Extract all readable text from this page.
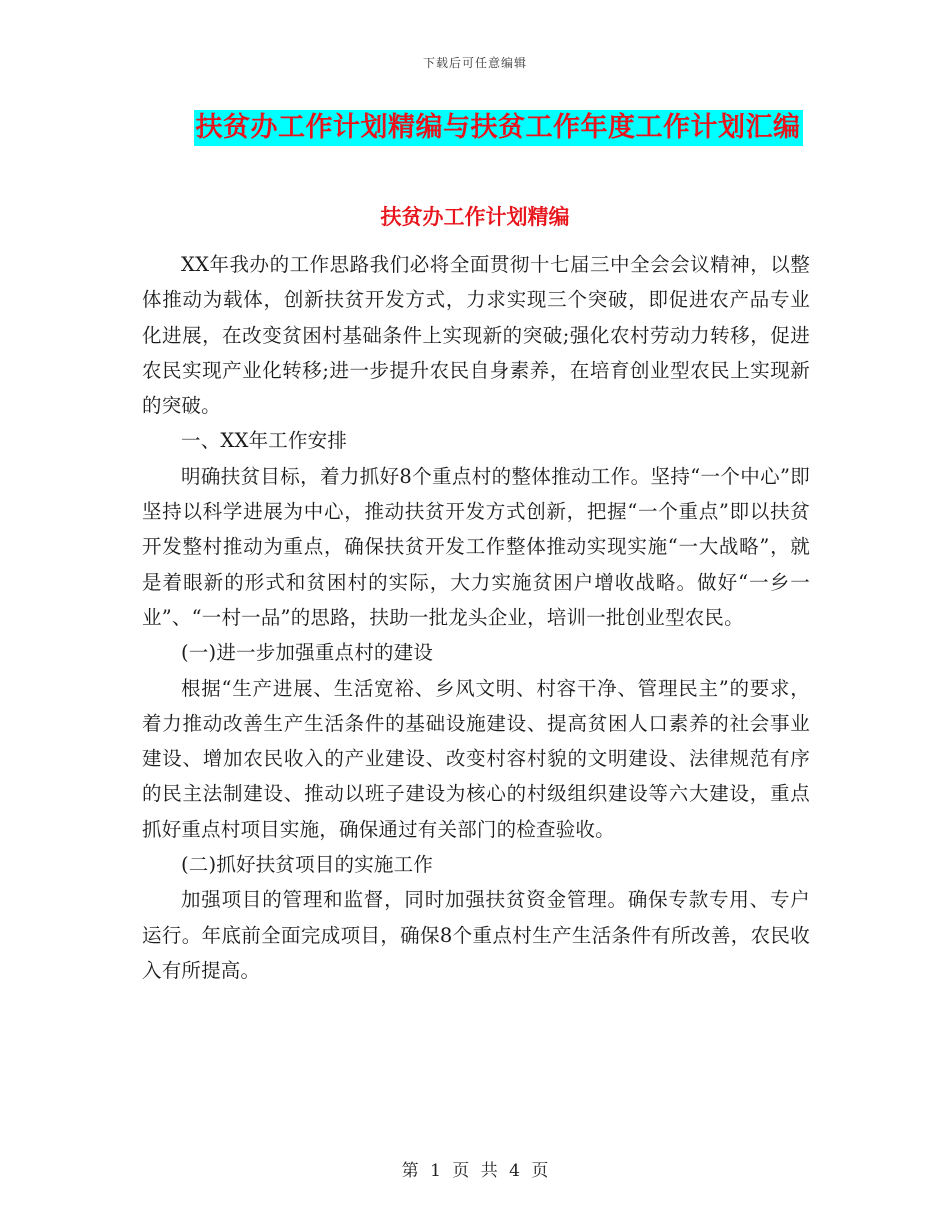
下载后可任意编辑
扶贫办工作计划精编与扶贫工作年度工作计划汇编
扶贫办工作计划精编

XX年我办的工作思路我们必将全面贯彻十七届三中全会会议精神，以整体推动为载体，创新扶贫开发方式，力求实现三个突破，即促进农产品专业化进展，在改变贫困村基础条件上实现新的突破;强化农村劳动力转移，促进农民实现产业化转移;进一步提升农民自身素养，在培育创业型农民上实现新的突破。

一、XX年工作安排

明确扶贫目标，着力抓好8个重点村的整体推动工作。坚持“一个中心”即坚持以科学进展为中心，推动扶贫开发方式创新，把握“一个重点”即以扶贫开发整村推动为重点，确保扶贫开发工作整体推动实现实施“一大战略”，就是着眼新的形式和贫困村的实际，大力实施贫困户增收战略。做好“一乡一业”、“一村一品”的思路，扶助一批龙头企业，培训一批创业型农民。

(一)进一步加强重点村的建设

根据“生产进展、生活宽裕、乡风文明、村容干净、管理民主”的要求，着力推动改善生产生活条件的基础设施建设、提高贫困人口素养的社会事业建设、增加农民收入的产业建设、改变村容村貌的文明建设、法律规范有序的民主法制建设、推动以班子建设为核心的村级组织建设等六大建设，重点抓好重点村项目实施，确保通过有关部门的检查验收。

(二)抓好扶贫项目的实施工作

加强项目的管理和监督，同时加强扶贫资金管理。确保专款专用、专户运行。年底前全面完成项目，确保8个重点村生产生活条件有所改善，农民收入有所提高。

第 1 页 共 4 页
